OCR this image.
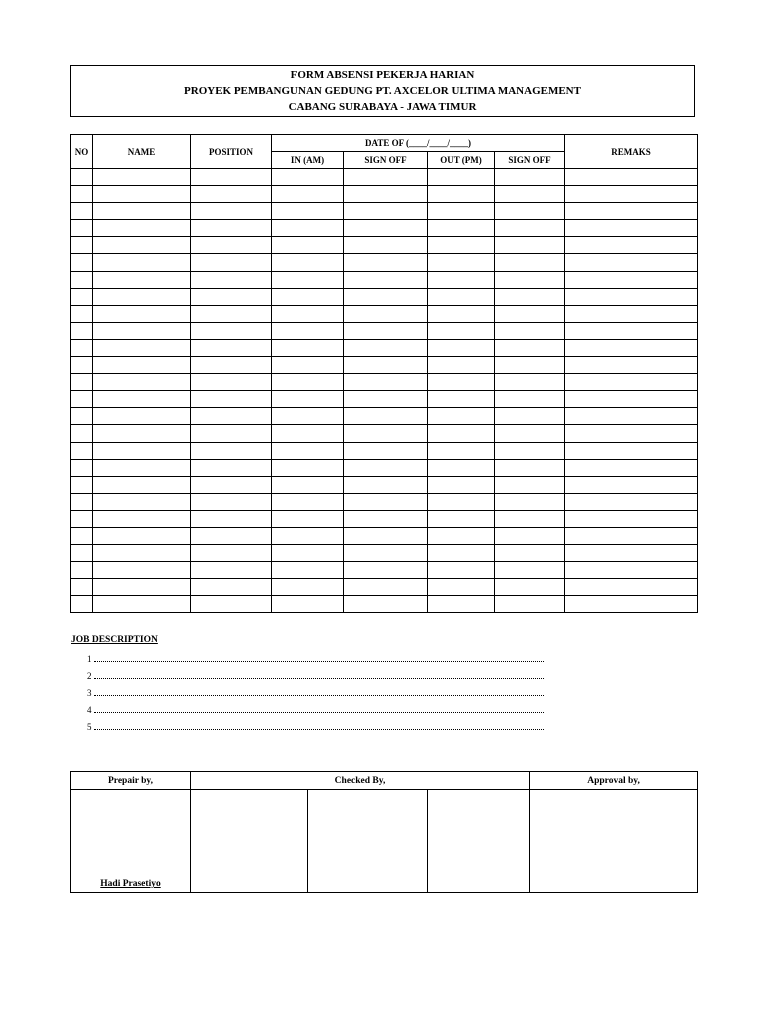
FORM ABSENSI PEKERJA HARIAN
PROYEK PEMBANGUNAN GEDUNG PT. AXCELOR ULTIMA MANAGEMENT
CABANG SURABAYA - JAWA TIMUR
NO	NAME	POSITION	DATE OF (____/____/____)				REMAKS
			IN (AM)	SIGN OFF	OUT (PM)	SIGN OFF	

JOB DESCRIPTION
1
2
3
4
5
Prepair by,	Checked By,			Approval by,
Hadi Prasetiyo				
